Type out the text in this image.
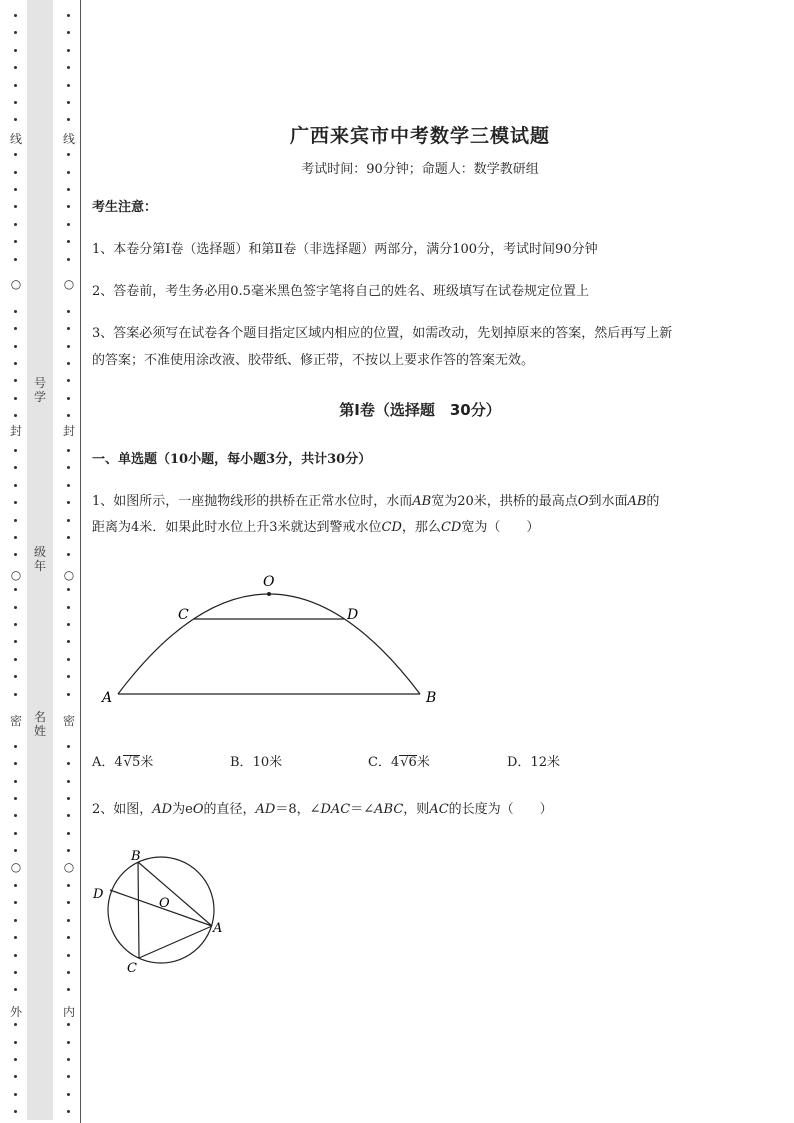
线
○
封
○
密
○
外
线
○
封
○
密
○
内
号学
级年
名姓
广西来宾市中考数学三模试题
考试时间：90分钟；命题人：数学教研组
考生注意：
1、本卷分第Ⅰ卷（选择题）和第Ⅱ卷（非选择题）两部分，满分100分，考试时间90分钟
2、答卷前，考生务必用0.5毫米黑色签字笔将自己的姓名、班级填写在试卷规定位置上
3、答案必须写在试卷各个题目指定区域内相应的位置，如需改动，先划掉原来的答案，然后再写上新
的答案；不准使用涂改液、胶带纸、修正带，不按以上要求作答的答案无效。
第Ⅰ卷（选择题　30分）
一、单选题（10小题，每小题3分，共计30分）
1、如图所示，一座抛物线形的拱桥在正常水位时，水而AB宽为20米，拱桥的最高点O到水面AB的
距离为4米．如果此时水位上升3米就达到警戒水位CD，那么CD宽为（　　）
O
C	D
A	B
A．4√5米	B．10米	C．4√6米	D．12米
2、如图，AD为eO的直径，AD＝8，∠DAC＝∠ABC，则AC的长度为（　　）
B
D
O
A
C
